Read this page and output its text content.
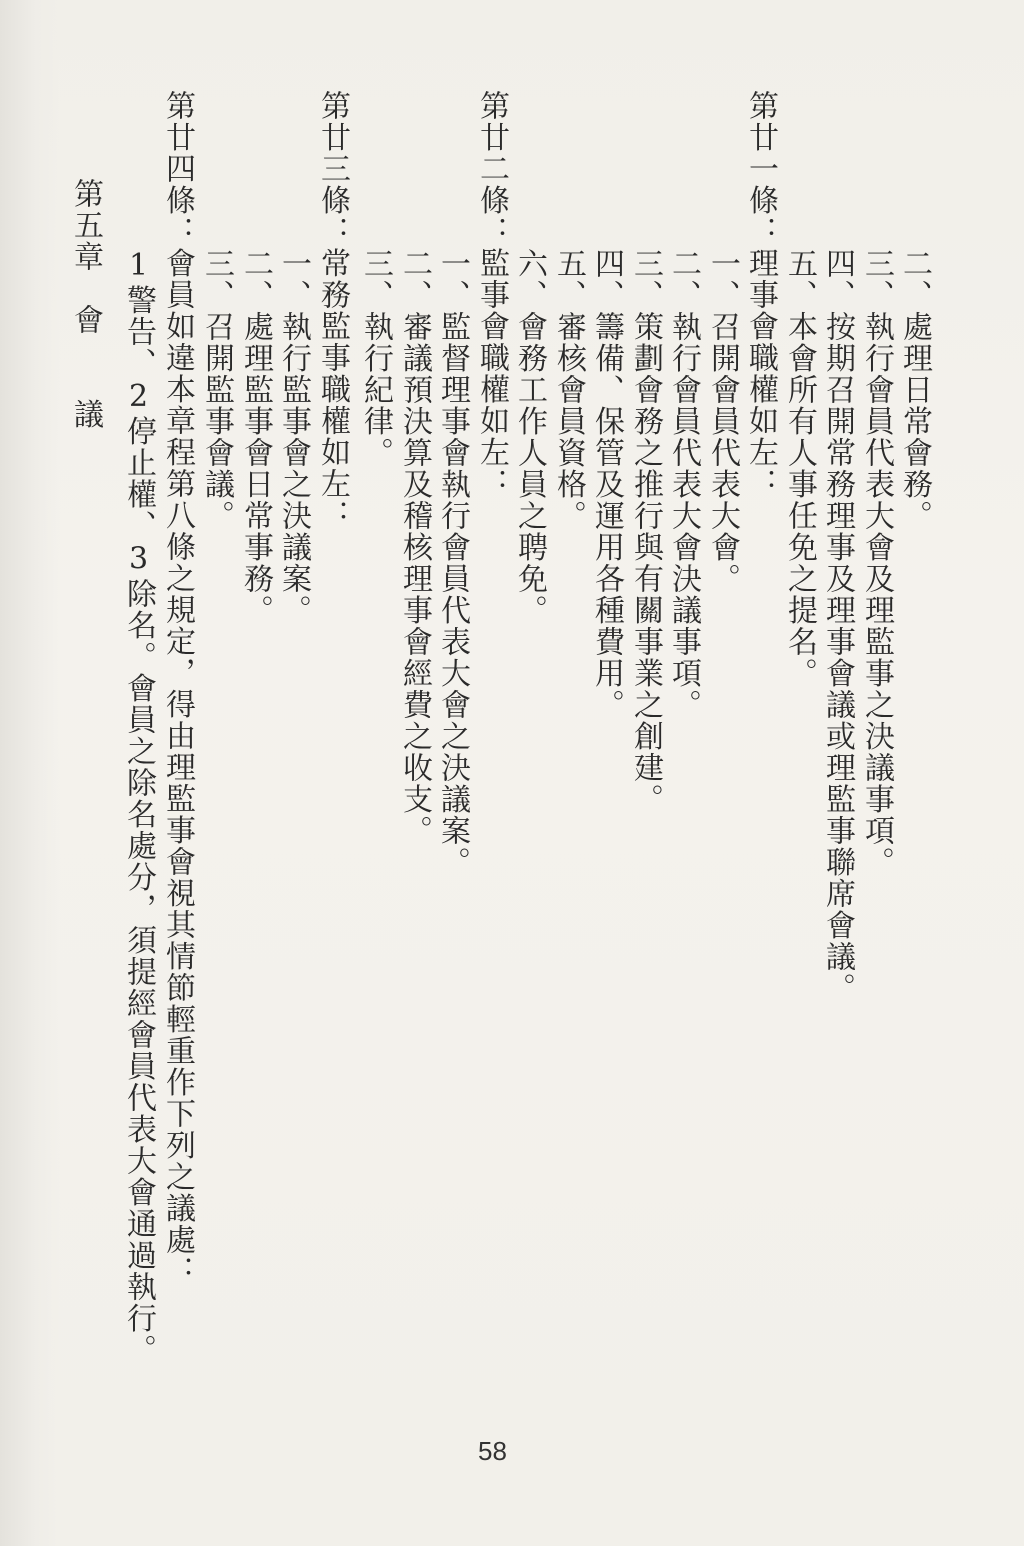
二、處理日常會務。
三、執行會員代表大會及理監事之決議事項。
四、按期召開常務理事及理事會議或理監事聯席會議。
五、本會所有人事任免之提名。
第廿一條：理事會職權如左：
一、召開會員代表大會。
二、執行會員代表大會決議事項。
三、策劃會務之推行與有關事業之創建。
四、籌備、保管及運用各種費用。
五、審核會員資格。
六、會務工作人員之聘免。
第廿二條：監事會職權如左：
一、監督理事會執行會員代表大會之決議案。
二、審議預決算及稽核理事會經費之收支。
三、執行紀律。
第廿三條：常務監事職權如左：
一、執行監事會之決議案。
二、處理監事會日常事務。
三、召開監事會議。
第廿四條：會員如違本章程第八條之規定，得由理監事會視其情節輕重作下列之議處：
1警告、2停止權、3除名。會員之除名處分，須提經會員代表大會通過執行。
第五章　會　　議
58
